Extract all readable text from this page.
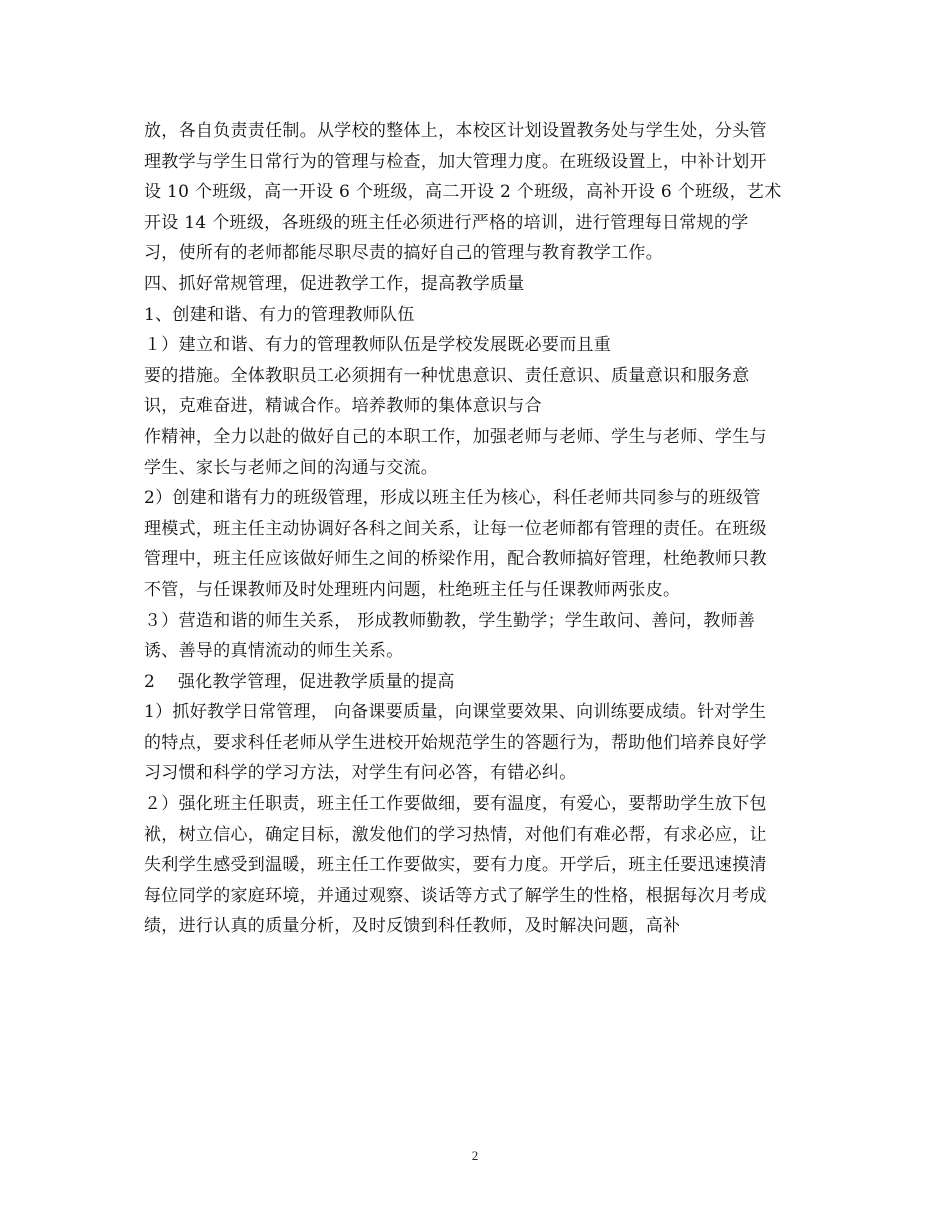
放，各自负责责任制。从学校的整体上，本校区计划设置教务处与学生处，分头管
理教学与学生日常行为的管理与检查，加大管理力度。在班级设置上，中补计划开
设 10 个班级，高一开设 6 个班级，高二开设 2 个班级，高补开设 6 个班级，艺术
开设 14 个班级，各班级的班主任必须进行严格的培训，进行管理每日常规的学
习，使所有的老师都能尽职尽责的搞好自己的管理与教育教学工作。
四、抓好常规管理，促进教学工作，提高教学质量
1、创建和谐、有力的管理教师队伍
１）建立和谐、有力的管理教师队伍是学校发展既必要而且重
要的措施。全体教职员工必须拥有一种忧患意识、责任意识、质量意识和服务意
识，克难奋进，精诚合作。培养教师的集体意识与合
作精神，全力以赴的做好自己的本职工作，加强老师与老师、学生与老师、学生与
学生、家长与老师之间的沟通与交流。
2）创建和谐有力的班级管理，形成以班主任为核心，科任老师共同参与的班级管
理模式，班主任主动协调好各科之间关系，让每一位老师都有管理的责任。在班级
管理中，班主任应该做好师生之间的桥梁作用，配合教师搞好管理，杜绝教师只教
不管，与任课教师及时处理班内问题，杜绝班主任与任课教师两张皮。
３）营造和谐的师生关系， 形成教师勤教，学生勤学；学生敢问、善问，教师善
诱、善导的真情流动的师生关系。
2    强化教学管理，促进教学质量的提高
1）抓好教学日常管理， 向备课要质量，向课堂要效果、向训练要成绩。针对学生
的特点，要求科任老师从学生进校开始规范学生的答题行为，帮助他们培养良好学
习习惯和科学的学习方法，对学生有问必答，有错必纠。
２）强化班主任职责，班主任工作要做细，要有温度，有爱心，要帮助学生放下包
袱，树立信心，确定目标，激发他们的学习热情，对他们有难必帮，有求必应，让
失利学生感受到温暖，班主任工作要做实，要有力度。开学后，班主任要迅速摸清
每位同学的家庭环境，并通过观察、谈话等方式了解学生的性格，根据每次月考成
绩，进行认真的质量分析，及时反馈到科任教师，及时解决问题，高补
2
